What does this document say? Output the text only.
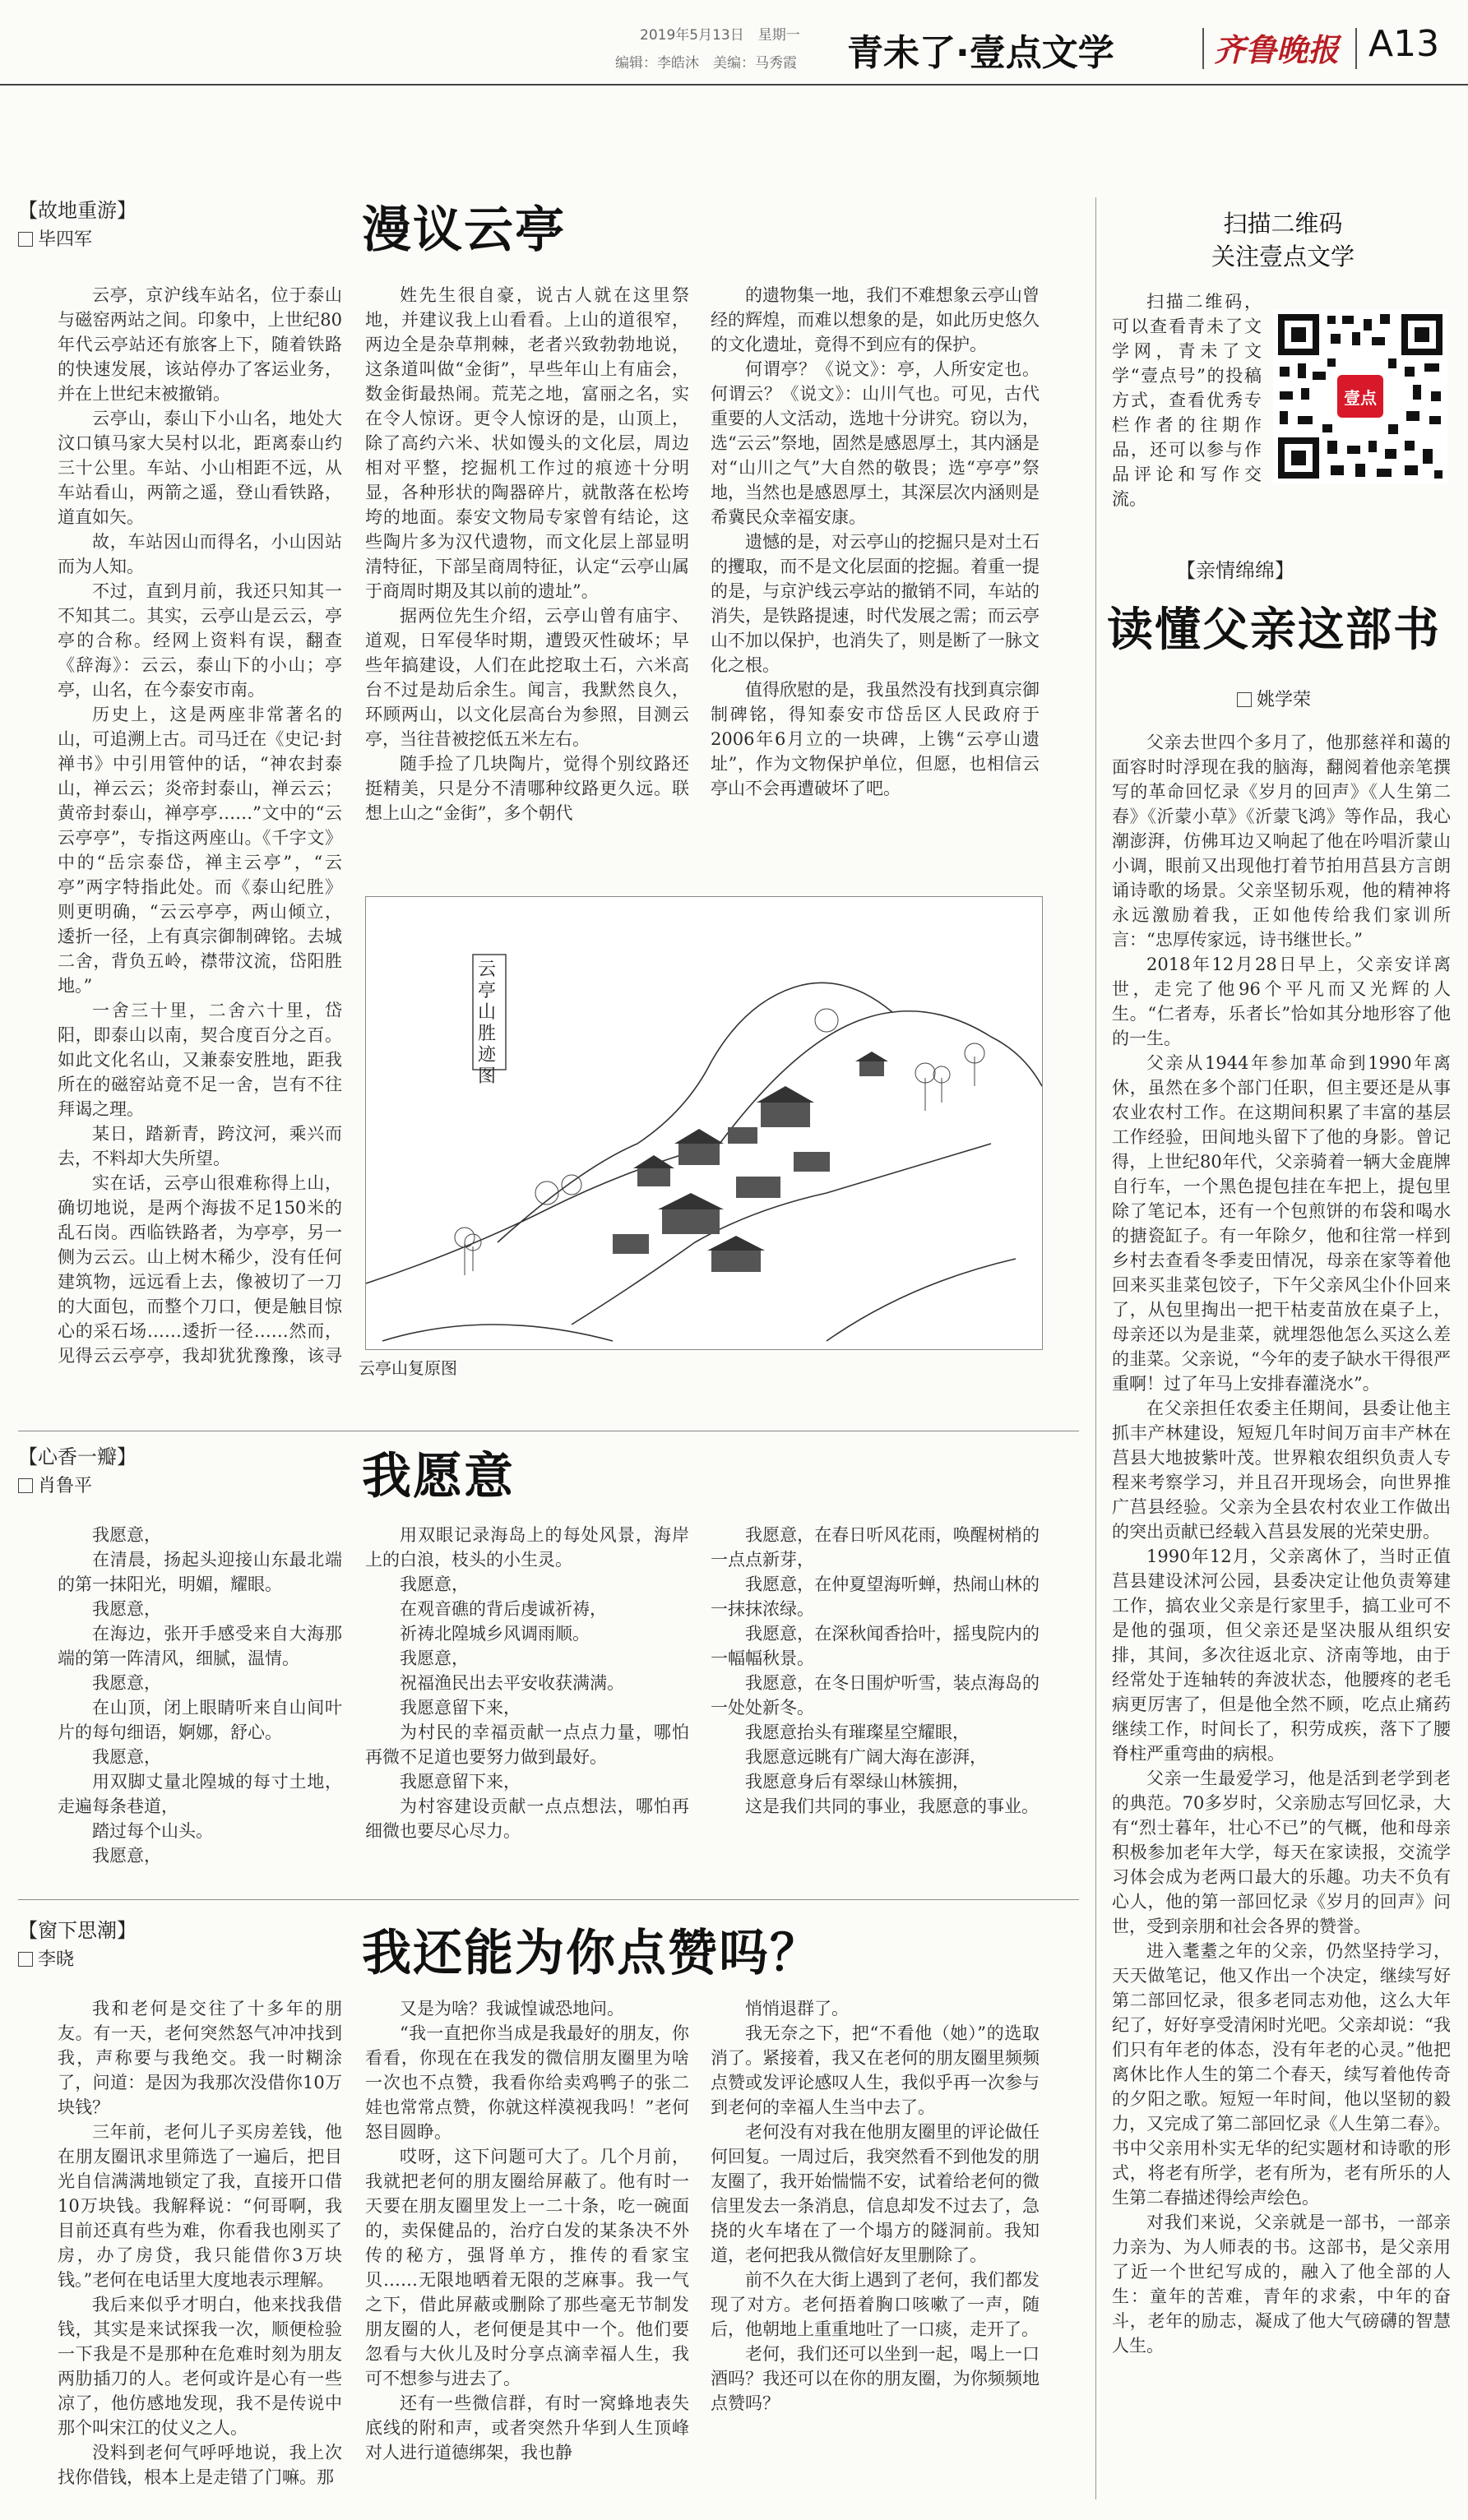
2019年5月13日　星期一
编辑：李皓沐　美编：马秀霞 青未了·壹点文学	齐鲁晚报 A13
【故地重游】
毕四军	漫议云亭

云亭，京沪线车站名，位于泰山与磁窑两站之间。印象中，上世纪80年代云亭站还有旅客上下，随着铁路的快速发展，该站停办了客运业务，并在上世纪末被撤销。

云亭山，泰山下小山名，地处大汶口镇马家大吴村以北，距离泰山约三十公里。车站、小山相距不远，从车站看山，两箭之遥，登山看铁路，道直如矢。

故，车站因山而得名，小山因站而为人知。

不过，直到月前，我还只知其一不知其二。其实，云亭山是云云，亭亭的合称。经网上资料有误，翻查《辞海》：云云，泰山下的小山；亭亭，山名，在今泰安市南。

历史上，这是两座非常著名的山，可追溯上古。司马迁在《史记·封禅书》中引用管仲的话，“神农封泰山，禅云云；炎帝封泰山，禅云云；黄帝封泰山，禅亭亭……”文中的“云云亭亭”，专指这两座山。《千字文》中的“岳宗泰岱，禅主云亭”，“云亭”两字特指此处。而《泰山纪胜》则更明确，“云云亭亭，两山倾立，逶折一径，上有真宗御制碑铭。去城二舍，背负五岭，襟带汶流，岱阳胜地。”

一舍三十里，二舍六十里，岱阳，即泰山以南，契合度百分之百。如此文化名山，又兼泰安胜地，距我所在的磁窑站竟不足一舍，岂有不往拜谒之理。

某日，踏新青，跨汶河，乘兴而去，不料却大失所望。

实在话，云亭山很难称得上山，确切地说，是两个海拔不足150米的乱石岗。西临铁路者，为亭亭，另一侧为云云。山上树木稀少，没有任何建筑物，远远看上去，像被切了一刀的大面包，而整个刀口，便是触目惊心的采石场……逶折一径……然而，见得云云亭亭，我却犹犹豫豫，该寻

姓先生很自豪，说古人就在这里祭地，并建议我上山看看。上山的道很窄，两边全是杂草荆棘，老者兴致勃勃地说，这条道叫做“金街”，早些年山上有庙会，数金街最热闹。荒芜之地，富丽之名，实在令人惊讶。更令人惊讶的是，山顶上，除了高约六米、状如馒头的文化层，周边相对平整，挖掘机工作过的痕迹十分明显，各种形状的陶器碎片，就散落在松垮垮的地面。泰安文物局专家曾有结论，这些陶片多为汉代遗物，而文化层上部显明清特征，下部呈商周特征，认定“云亭山属于商周时期及其以前的遗址”。

据两位先生介绍，云亭山曾有庙宇、道观，日军侵华时期，遭毁灭性破坏；早些年搞建设，人们在此挖取土石，六米高台不过是劫后余生。闻言，我默然良久，环顾两山，以文化层高台为参照，目测云亭，当往昔被挖低五米左右。

随手捡了几块陶片，觉得个别纹路还挺精美，只是分不清哪种纹路更久远。联想上山之“金街”，多个朝代

的遗物集一地，我们不难想象云亭山曾经的辉煌，而难以想象的是，如此历史悠久的文化遗址，竟得不到应有的保护。

何谓亭？《说文》：亭，人所安定也。何谓云？《说文》：山川气也。可见，古代重要的人文活动，选地十分讲究。窃以为，选“云云”祭地，固然是感恩厚土，其内涵是对“山川之气”大自然的敬畏；选“亭亭”祭地，当然也是感恩厚土，其深层次内涵则是希冀民众幸福安康。

遗憾的是，对云亭山的挖掘只是对土石的攫取，而不是文化层面的挖掘。着重一提的是，与京沪线云亭站的撤销不同，车站的消失，是铁路提速，时代发展之需；而云亭山不加以保护，也消失了，则是断了一脉文化之根。

值得欣慰的是，我虽然没有找到真宗御制碑铭，得知泰安市岱岳区人民政府于2006年6月立的一块碑，上镌“云亭山遗址”，作为文物保护单位，但愿，也相信云亭山不会再遭破坏了吧。

云亭山胜迹图
云亭山复原图
【心香一瓣】
肖鲁平	我愿意

我愿意，

在清晨，扬起头迎接山东最北端的第一抹阳光，明媚，耀眼。

我愿意，

在海边，张开手感受来自大海那端的第一阵清风，细腻，温情。

我愿意，

在山顶，闭上眼睛听来自山间叶片的每句细语，婀娜，舒心。

我愿意，

用双脚丈量北隍城的每寸土地，走遍每条巷道，

踏过每个山头。

我愿意，

用双眼记录海岛上的每处风景，海岸上的白浪，枝头的小生灵。

我愿意，

在观音礁的背后虔诚祈祷，

祈祷北隍城乡风调雨顺。

我愿意，

祝福渔民出去平安收获满满。

我愿意留下来，

为村民的幸福贡献一点点力量，哪怕再微不足道也要努力做到最好。

我愿意留下来，

为村容建设贡献一点点想法，哪怕再细微也要尽心尽力。

我愿意，在春日听风花雨，唤醒树梢的一点点新芽，

我愿意，在仲夏望海听蝉，热闹山林的一抹抹浓绿。

我愿意，在深秋闻香拾叶，摇曳院内的一幅幅秋景。

我愿意，在冬日围炉听雪，装点海岛的一处处新冬。

我愿意抬头有璀璨星空耀眼，

我愿意远眺有广阔大海在澎湃，

我愿意身后有翠绿山林簇拥，

这是我们共同的事业，我愿意的事业。

【窗下思潮】
李晓	我还能为你点赞吗？

我和老何是交往了十多年的朋友。有一天，老何突然怒气冲冲找到我，声称要与我绝交。我一时糊涂了，问道：是因为我那次没借你10万块钱？

三年前，老何儿子买房差钱，他在朋友圈讯求里筛选了一遍后，把目光自信满满地锁定了我，直接开口借10万块钱。我解释说：“何哥啊，我目前还真有些为难，你看我也刚买了房，办了房贷，我只能借你3万块钱。”老何在电话里大度地表示理解。

我后来似乎才明白，他来找我借钱，其实是来试探我一次，顺便检验一下我是不是那种在危难时刻为朋友两肋插刀的人。老何或许是心有一些凉了，他仿感地发现，我不是传说中那个叫宋江的仗义之人。

没料到老何气呼呼地说，我上次找你借钱，根本上是走错了门嘛。那

又是为啥？我诚惶诚恐地问。

“我一直把你当成是我最好的朋友，你看看，你现在在我发的微信朋友圈里为啥一次也不点赞，我看你给卖鸡鸭子的张二娃也常常点赞，你就这样漠视我吗！”老何怒目圆睁。

哎呀，这下问题可大了。几个月前，我就把老何的朋友圈给屏蔽了。他有时一天要在朋友圈里发上一二十条，吃一碗面的，卖保健品的，治疗白发的某条决不外传的秘方，强肾单方，推传的看家宝贝……无限地晒着无限的芝麻事。我一气之下，借此屏蔽或删除了那些毫无节制发朋友圈的人，老何便是其中一个。他们要忽看与大伙儿及时分享点滴幸福人生，我可不想参与进去了。

还有一些微信群，有时一窝蜂地表失底线的附和声，或者突然升华到人生顶峰对人进行道德绑架，我也静

悄悄退群了。

我无奈之下，把“不看他（她）”的选取消了。紧接着，我又在老何的朋友圈里频频点赞或发评论感叹人生，我似乎再一次参与到老何的幸福人生当中去了。

老何没有对我在他朋友圈里的评论做任何回复。一周过后，我突然看不到他发的朋友圈了，我开始惴惴不安，试着给老何的微信里发去一条消息，信息却发不过去了，急挠的火车堵在了一个塌方的隧洞前。我知道，老何把我从微信好友里删除了。

前不久在大街上遇到了老何，我们都发现了对方。老何捂着胸口咳嗽了一声，随后，他朝地上重重地吐了一口痰，走开了。

老何，我们还可以坐到一起，喝上一口酒吗？我还可以在你的朋友圈，为你频频地点赞吗？

扫描二维码
关注壹点文学
扫描二维码，可以查看青未了文学网，青未了文学“壹点号”的投稿方式，查看优秀专栏作者的往期作品，还可以参与作品评论和写作交流。
壹点
【亲情绵绵】
读懂父亲这部书
姚学荣

父亲去世四个多月了，他那慈祥和蔼的面容时时浮现在我的脑海，翻阅着他亲笔撰写的革命回忆录《岁月的回声》《人生第二春》《沂蒙小草》《沂蒙飞鸿》等作品，我心潮澎湃，仿佛耳边又响起了他在吟唱沂蒙山小调，眼前又出现他打着节拍用莒县方言朗诵诗歌的场景。父亲坚韧乐观，他的精神将永远激励着我，正如他传给我们家训所言：“忠厚传家远，诗书继世长。”

2018年12月28日早上，父亲安详离世，走完了他96个平凡而又光辉的人生。“仁者寿，乐者长”恰如其分地形容了他的一生。

父亲从1944年参加革命到1990年离休，虽然在多个部门任职，但主要还是从事农业农村工作。在这期间积累了丰富的基层工作经验，田间地头留下了他的身影。曾记得，上世纪80年代，父亲骑着一辆大金鹿牌自行车，一个黑色提包挂在车把上，提包里除了笔记本，还有一个包煎饼的布袋和喝水的搪瓷缸子。有一年除夕，他和往常一样到乡村去查看冬季麦田情况，母亲在家等着他回来买韭菜包饺子，下午父亲风尘仆仆回来了，从包里掏出一把干枯麦苗放在桌子上，母亲还以为是韭菜，就埋怨他怎么买这么差的韭菜。父亲说，“今年的麦子缺水干得很严重啊！过了年马上安排春灌浇水”。

在父亲担任农委主任期间，县委让他主抓丰产林建设，短短几年时间万亩丰产林在莒县大地披紫叶茂。世界粮农组织负责人专程来考察学习，并且召开现场会，向世界推广莒县经验。父亲为全县农村农业工作做出的突出贡献已经载入莒县发展的光荣史册。

1990年12月，父亲离休了，当时正值莒县建设沭河公园，县委决定让他负责筹建工作，搞农业父亲是行家里手，搞工业可不是他的强项，但父亲还是坚决服从组织安排，其间，多次往返北京、济南等地，由于经常处于连轴转的奔波状态，他腰疼的老毛病更厉害了，但是他全然不顾，吃点止痛药继续工作，时间长了，积劳成疾，落下了腰脊柱严重弯曲的病根。

父亲一生最爱学习，他是活到老学到老的典范。70多岁时，父亲励志写回忆录，大有“烈士暮年，壮心不已”的气概，他和母亲积极参加老年大学，每天在家读报，交流学习体会成为老两口最大的乐趣。功夫不负有心人，他的第一部回忆录《岁月的回声》问世，受到亲朋和社会各界的赞誉。

进入耄耋之年的父亲，仍然坚持学习，天天做笔记，他又作出一个决定，继续写好第二部回忆录，很多老同志劝他，这么大年纪了，好好享受清闲时光吧。父亲却说：“我们只有年老的体态，没有年老的心灵。”他把离休比作人生的第二个春天，续写着他传奇的夕阳之歌。短短一年时间，他以坚韧的毅力，又完成了第二部回忆录《人生第二春》。书中父亲用朴实无华的纪实题材和诗歌的形式，将老有所学，老有所为，老有所乐的人生第二春描述得绘声绘色。

对我们来说，父亲就是一部书，一部亲力亲为、为人师表的书。这部书，是父亲用了近一个世纪写成的，融入了他全部的人生：童年的苦难，青年的求索，中年的奋斗，老年的励志，凝成了他大气磅礴的智慧人生。
